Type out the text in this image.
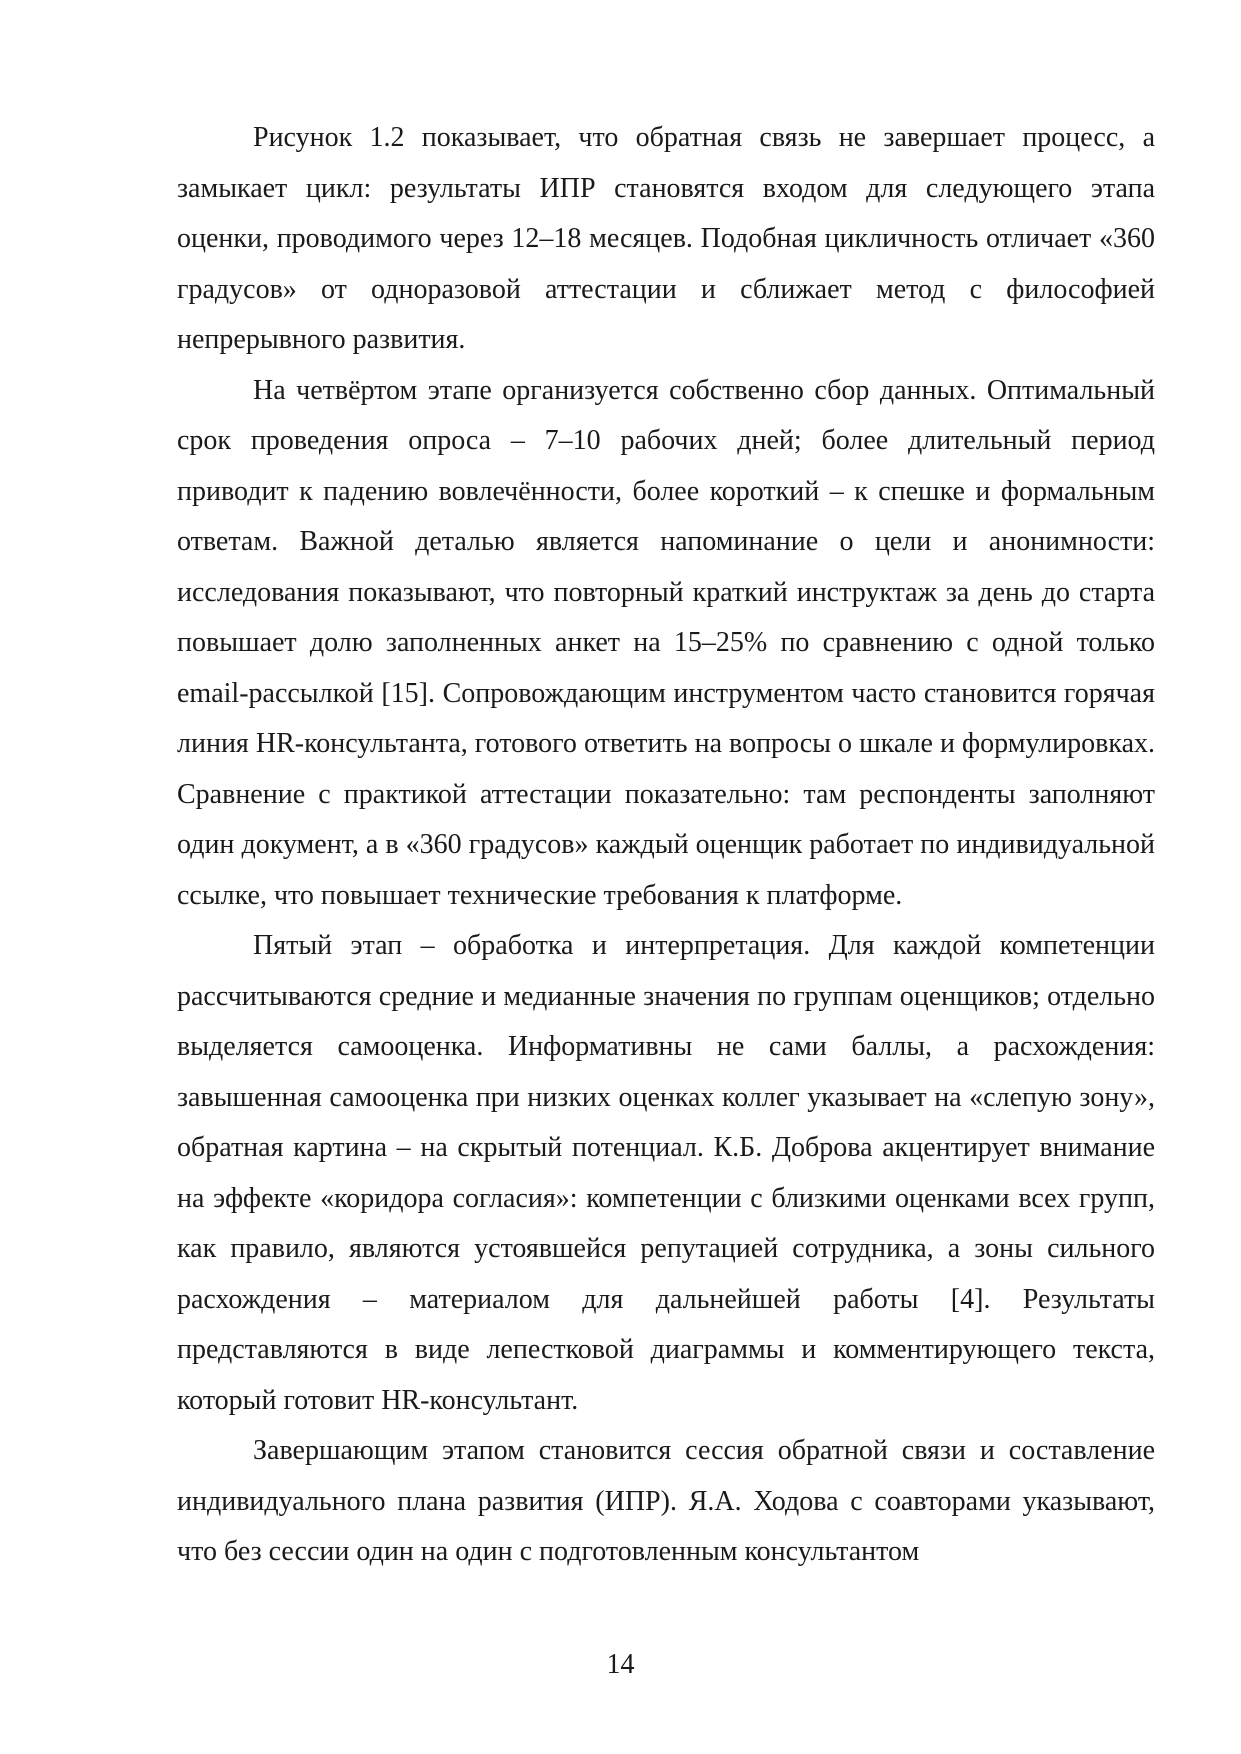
Рисунок 1.2 показывает, что обратная связь не завершает процесс, а замыкает цикл: результаты ИПР становятся входом для следующего этапа оценки, проводимого через 12–18 месяцев. Подобная цикличность отличает «360 градусов» от одноразовой аттестации и сближает метод с философией непрерывного развития.

На четвёртом этапе организуется собственно сбор данных. Оптимальный срок проведения опроса – 7–10 рабочих дней; более длительный период приводит к падению вовлечённости, более короткий – к спешке и формальным ответам. Важной деталью является напоминание о цели и анонимности: исследования показывают, что повторный краткий инструктаж за день до старта повышает долю заполненных анкет на 15–25% по сравнению с одной только email-рассылкой [15]. Сопровождающим инструментом часто становится горячая линия HR-консультанта, готового ответить на вопросы о шкале и формулировках. Сравнение с практикой аттестации показательно: там респонденты заполняют один документ, а в «360 градусов» каждый оценщик работает по индивидуальной ссылке, что повышает технические требования к платформе.

Пятый этап – обработка и интерпретация. Для каждой компетенции рассчитываются средние и медианные значения по группам оценщиков; отдельно выделяется самооценка. Информативны не сами баллы, а расхождения: завышенная самооценка при низких оценках коллег указывает на «слепую зону», обратная картина – на скрытый потенциал. К.Б. Доброва акцентирует внимание на эффекте «коридора согласия»: компетенции с близкими оценками всех групп, как правило, являются устоявшейся репутацией сотрудника, а зоны сильного расхождения – материалом для дальнейшей работы [4]. Результаты представляются в виде лепестковой диаграммы и комментирующего текста, который готовит HR-консультант.

Завершающим этапом становится сессия обратной связи и составление индивидуального плана развития (ИПР). Я.А. Ходова с соавторами указывают, что без сессии один на один с подготовленным консультантом

14
